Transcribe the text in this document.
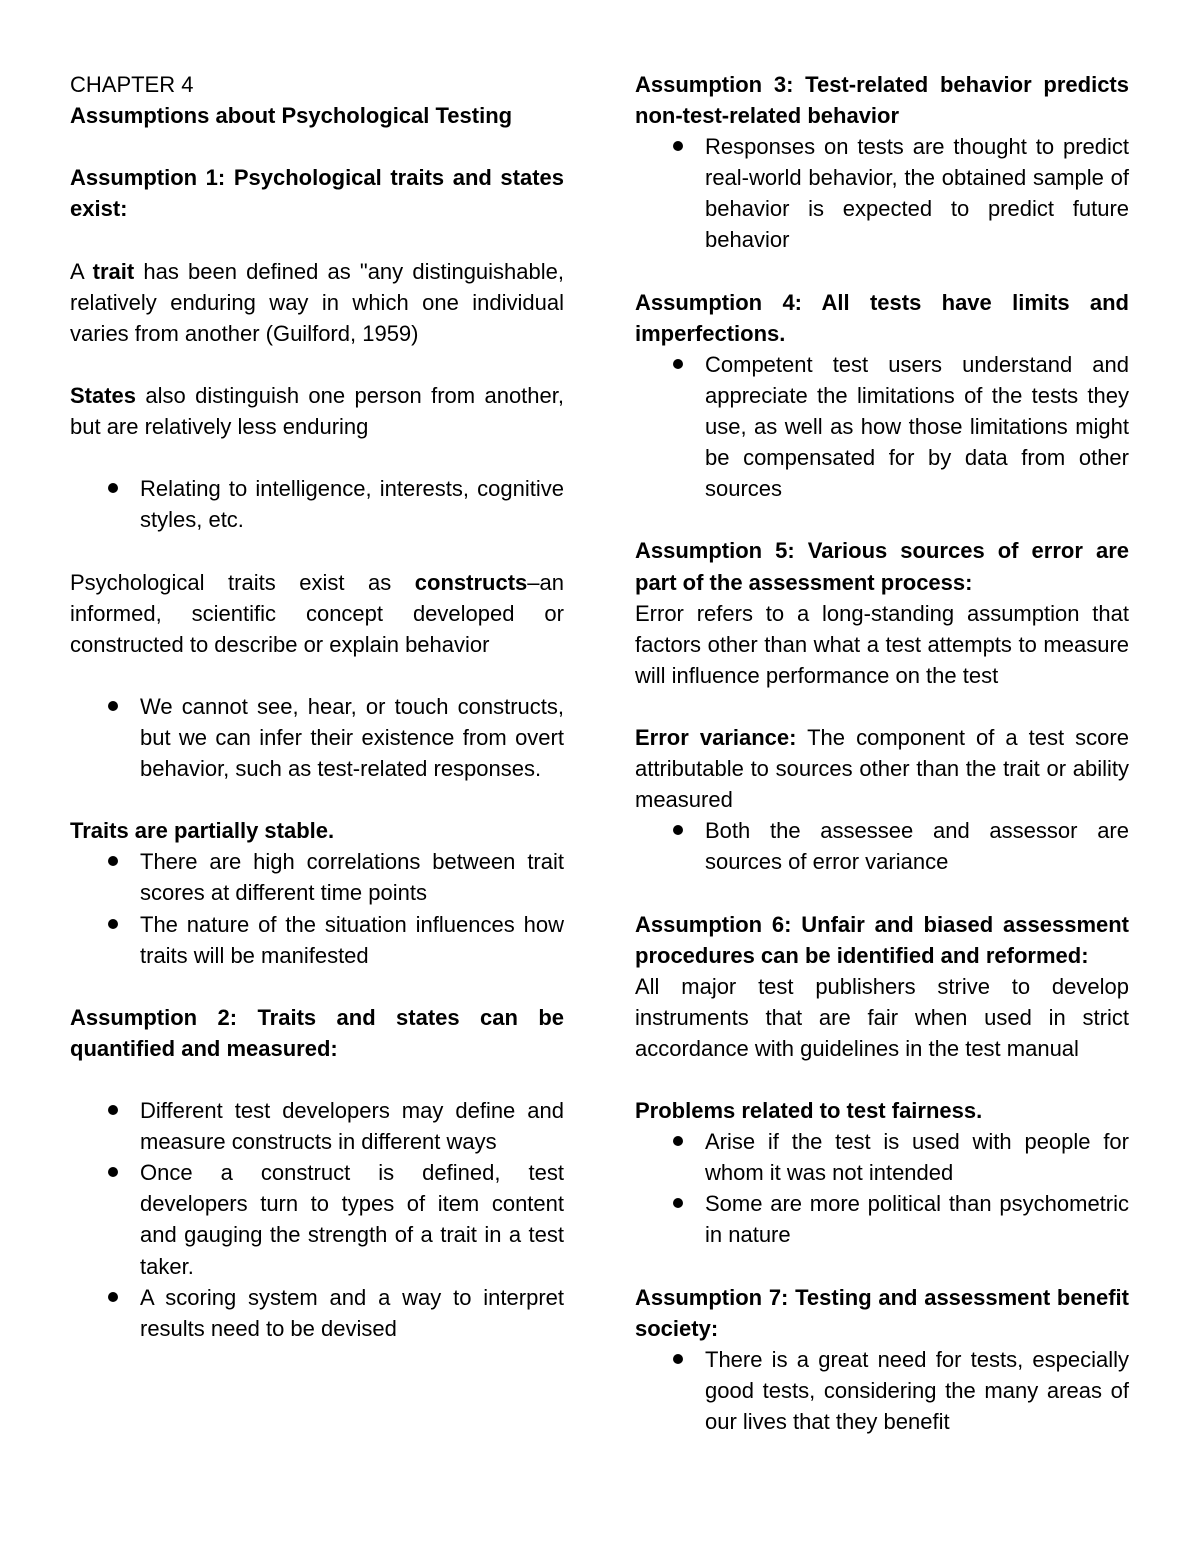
CHAPTER 4

Assumptions about Psychological Testing

Assumption 1: Psychological traits and states exist:

A trait has been defined as "any distinguishable, relatively enduring way in which one individual varies from another (Guilford, 1959)

States also distinguish one person from another, but are relatively less enduring

Relating to intelligence, interests, cognitive styles, etc.

Psychological traits exist as constructs–an informed, scientific concept developed or constructed to describe or explain behavior

We cannot see, hear, or touch constructs, but we can infer their existence from overt behavior, such as test-related responses.

Traits are partially stable.

There are high correlations between trait scores at different time points
The nature of the situation influences how traits will be manifested

Assumption 2: Traits and states can be quantified and measured:

Different test developers may define and measure constructs in different ways
Once a construct is defined, test developers turn to types of item content and gauging the strength of a trait in a test taker.
A scoring system and a way to interpret results need to be devised

Assumption 3: Test-related behavior predicts non-test-related behavior

Responses on tests are thought to predict real-world behavior, the obtained sample of behavior is expected to predict future behavior

Assumption 4: All tests have limits and imperfections.

Competent test users understand and appreciate the limitations of the tests they use, as well as how those limitations might be compensated for by data from other sources

Assumption 5: Various sources of error are part of the assessment process:

Error refers to a long-standing assumption that factors other than what a test attempts to measure will influence performance on the test

Error variance: The component of a test score attributable to sources other than the trait or ability measured

Both the assessee and assessor are sources of error variance

Assumption 6: Unfair and biased assessment procedures can be identified and reformed:

All major test publishers strive to develop instruments that are fair when used in strict accordance with guidelines in the test manual

Problems related to test fairness.

Arise if the test is used with people for whom it was not intended
Some are more political than psychometric in nature

Assumption 7: Testing and assessment benefit society:

There is a great need for tests, especially good tests, considering the many areas of our lives that they benefit
